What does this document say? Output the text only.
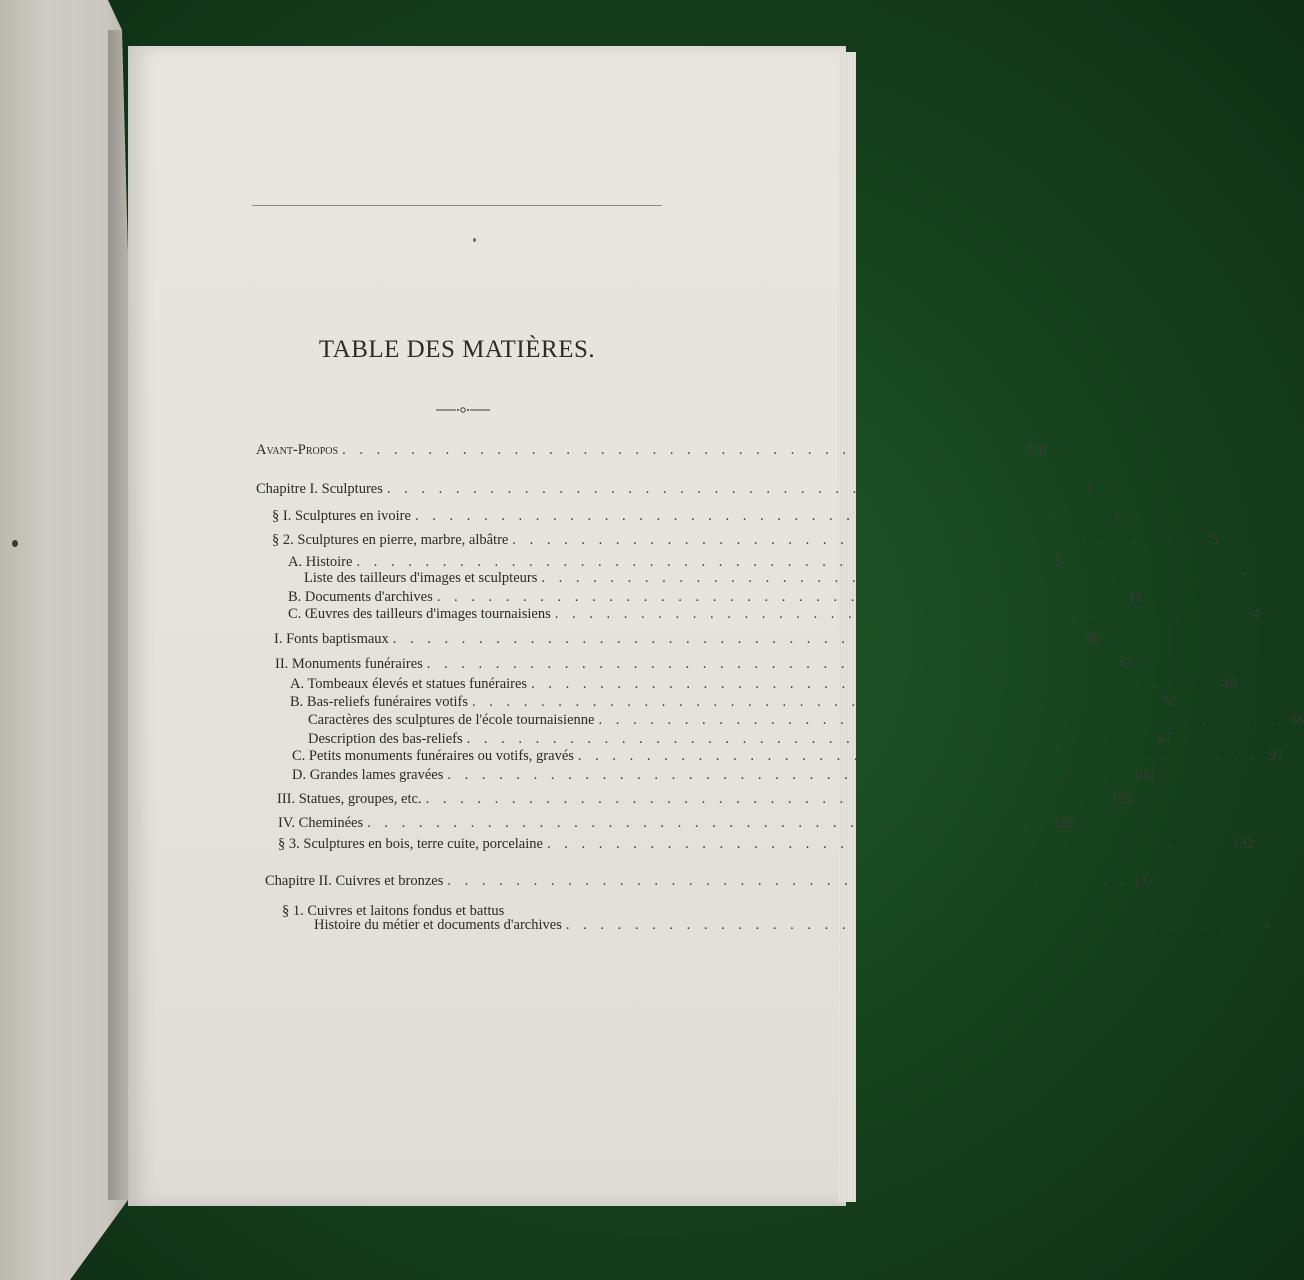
TABLE DES MATIÈRES.
Avant-Propos . . . . . . . . . . . . . . . . . . . . . . . . . . . . . . . . . . . . . . . . VII
Chapitre I. Sculptures . . . . . . . . . . . . . . . . . . . . . . . . . . . . . . . . . . . . . . . .	1
§ I. Sculptures en ivoire . . . . . . . . . . . . . . . . . . . . . . . . . . . . . . . . . . . . . . . .	1
§ 2. Sculptures en pierre, marbre, albâtre . . . . . . . . . . . . . . . . . . . . . . . . . . . . . . . . . . . . . . . .	5
A. Histoire . . . . . . . . . . . . . . . . . . . . . . . . . . . . . . . . . . . . . . . .	5
Liste des tailleurs d'images et sculpteurs . . . . . . . . . . . . . . . . . . . . . . . . . . . . . . . . . . . . . . . .	7
B. Documents d'archives . . . . . . . . . . . . . . . . . . . . . . . . . . . . . . . . . . . . . . . . 11
C. Œuvres des tailleurs d'images tournaisiens . . . . . . . . . . . . . . . . . . . . . . . . . . . . . . . . . . . . . . . . 34
I. Fonts baptismaux . . . . . . . . . . . . . . . . . . . . . . . . . . . . . . . . . . . . . . . . 38
II. Monuments funéraires . . . . . . . . . . . . . . . . . . . . . . . . . . . . . . . . . . . . . . . . 47
A. Tombeaux élevés et statues funéraires . . . . . . . . . . . . . . . . . . . . . . . . . . . . . . . . . . . . . . . . 48
B. Bas-reliefs funéraires votifs . . . . . . . . . . . . . . . . . . . . . . . . . . . . . . . . . . . . . . . . 55
Caractères des sculptures de l'école tournaisienne . . . . . . . . . . . . . . . . . . . . . . . . . . . . . . . . . . . . . . . . 58
Description des bas-reliefs . . . . . . . . . . . . . . . . . . . . . . . . . . . . . . . . . . . . . . . . 67
C. Petits monuments funéraires ou votifs, gravés . . . . . . . . . . . . . . . . . . . . . . . . . . . . . . . . . . . . . . . . 97
D. Grandes lames gravées . . . . . . . . . . . . . . . . . . . . . . . . . . . . . . . . . . . . . . . . 100
III. Statues, groupes, etc. . . . . . . . . . . . . . . . . . . . . . . . . . . . . . . . . . . . . . . . . 105
IV. Cheminées . . . . . . . . . . . . . . . . . . . . . . . . . . . . . . . . . . . . . . . . 127
§ 3. Sculptures en bois, terre cuite, porcelaine . . . . . . . . . . . . . . . . . . . . . . . . . . . . . . . . . . . . . . . . 132
Chapitre II. Cuivres et bronzes . . . . . . . . . . . . . . . . . . . . . . . . . . . . . . . . . . . . . . . . 137
§ 1. Cuivres et laitons fondus et battus
Histoire du métier et documents d'archives . . . . . . . . . . . . . . . . . . . . . . . . . . . . . . . . . . . . . . . .	»
